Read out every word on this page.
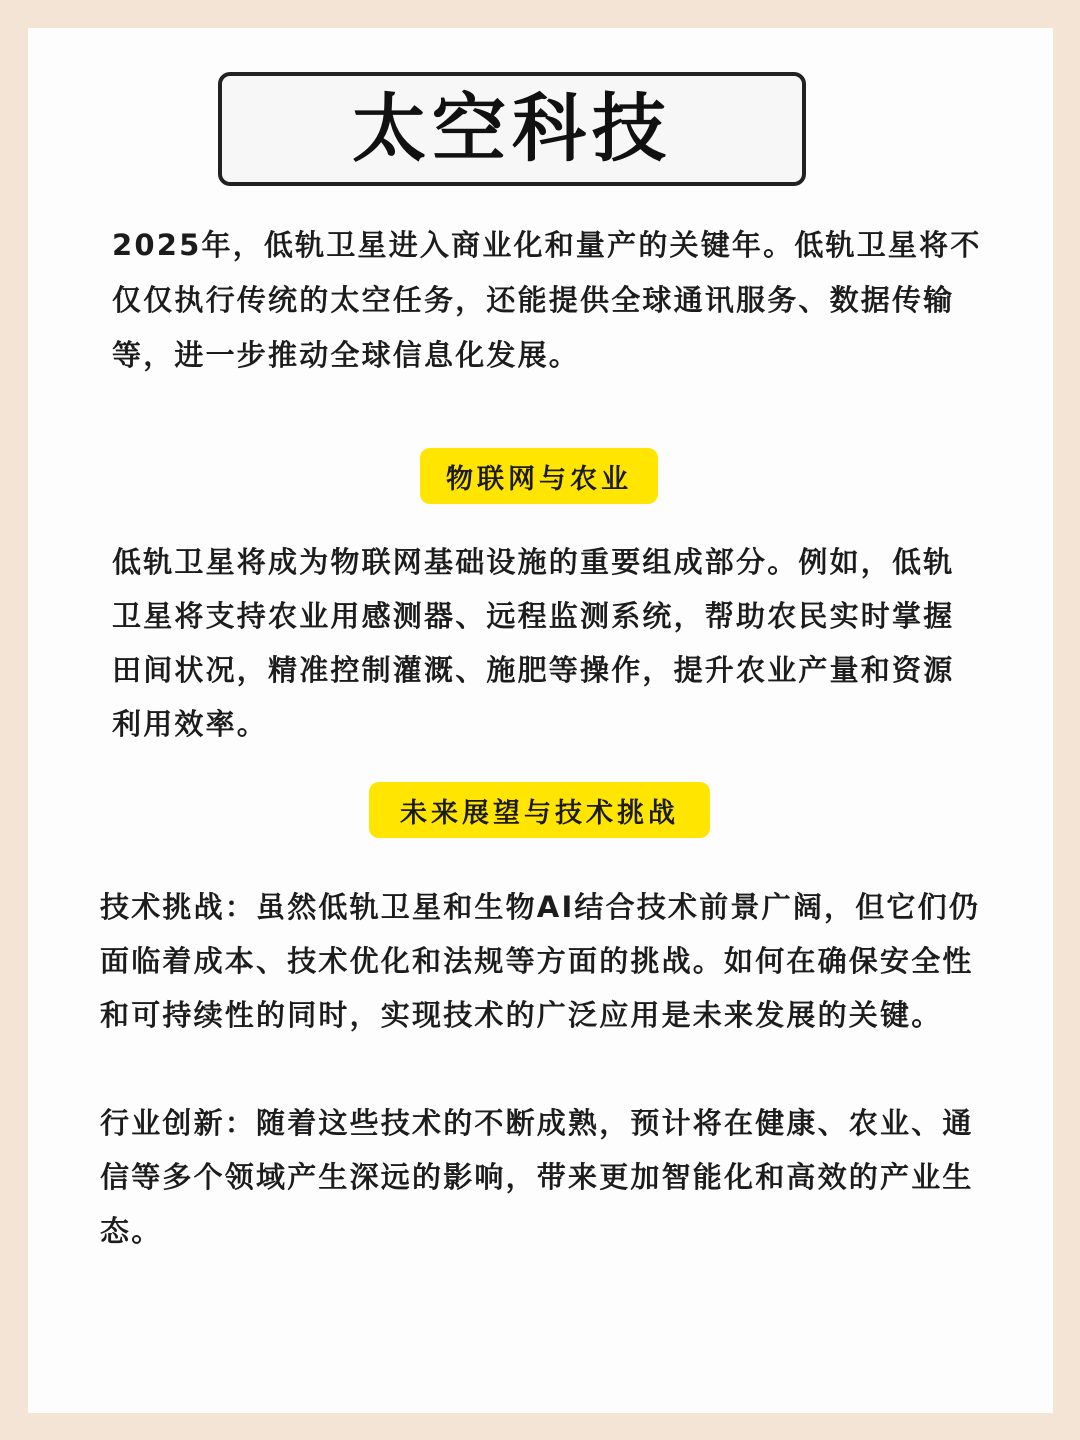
太空科技

2025年，低轨卫星进入商业化和量产的关键年。低轨卫星将不仅仅执行传统的太空任务，还能提供全球通讯服务、数据传输等，进一步推动全球信息化发展。

物联网与农业

低轨卫星将成为物联网基础设施的重要组成部分。例如，低轨卫星将支持农业用感测器、远程监测系统，帮助农民实时掌握田间状况，精准控制灌溉、施肥等操作，提升农业产量和资源利用效率。

未来展望与技术挑战

技术挑战：虽然低轨卫星和生物AI结合技术前景广阔，但它们仍面临着成本、技术优化和法规等方面的挑战。如何在确保安全性和可持续性的同时，实现技术的广泛应用是未来发展的关键。

行业创新：随着这些技术的不断成熟，预计将在健康、农业、通信等多个领域产生深远的影响，带来更加智能化和高效的产业生态。
